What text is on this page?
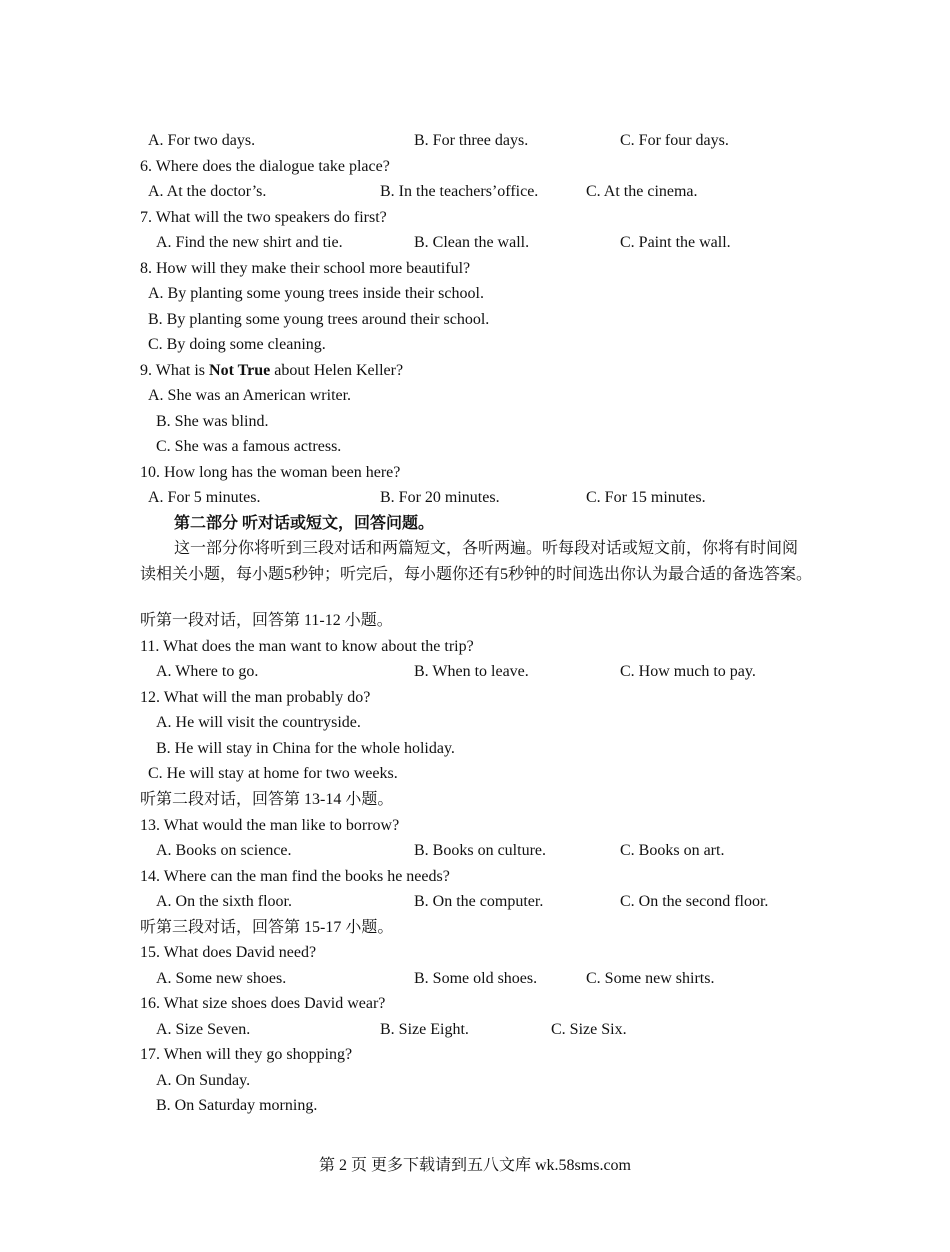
A. For two days.	B. For three days.	C. For four days.
6. Where does the dialogue take place?
A. At the doctor’s.	B. In the teachers’office.	C. At the cinema.
7. What will the two speakers do first?
A. Find the new shirt and tie.	B. Clean the wall.	C. Paint the wall.
8. How will they make their school more beautiful?
A. By planting some young trees inside their school.
B. By planting some young trees around their school.
C. By doing some cleaning.
9. What is Not True about Helen Keller?
A. She was an American writer.
B. She was blind.
C. She was a famous actress.
10. How long has the woman been here?
A. For 5 minutes.	B. For 20 minutes.	C. For 15 minutes.
第二部分 听对话或短文，回答问题。
这一部分你将听到三段对话和两篇短文，各听两遍。听每段对话或短文前，你将有时间阅读相关小题，每小题5秒钟；听完后，每小题你还有5秒钟的时间选出你认为最合适的备选答案。
听第一段对话，回答第 11-12 小题。
11. What does the man want to know about the trip?
A. Where to go.	B. When to leave.	C. How much to pay.
12. What will the man probably do?
A. He will visit the countryside.
B. He will stay in China for the whole holiday.
C. He will stay at home for two weeks.
听第二段对话，回答第 13-14 小题。
13. What would the man like to borrow?
A. Books on science.	B. Books on culture.	C. Books on art.
14. Where can the man find the books he needs?
A. On the sixth floor.	B. On the computer.	C. On the second floor.
听第三段对话，回答第 15-17 小题。
15. What does David need?
A. Some new shoes.	B. Some old shoes.	C. Some new shirts.
16. What size shoes does David wear?
A. Size Seven.	B. Size Eight.	C. Size Six.
17. When will they go shopping?
A. On Sunday.
B. On Saturday morning.
第 2 页 更多下载请到五八文库 wk.58sms.com
